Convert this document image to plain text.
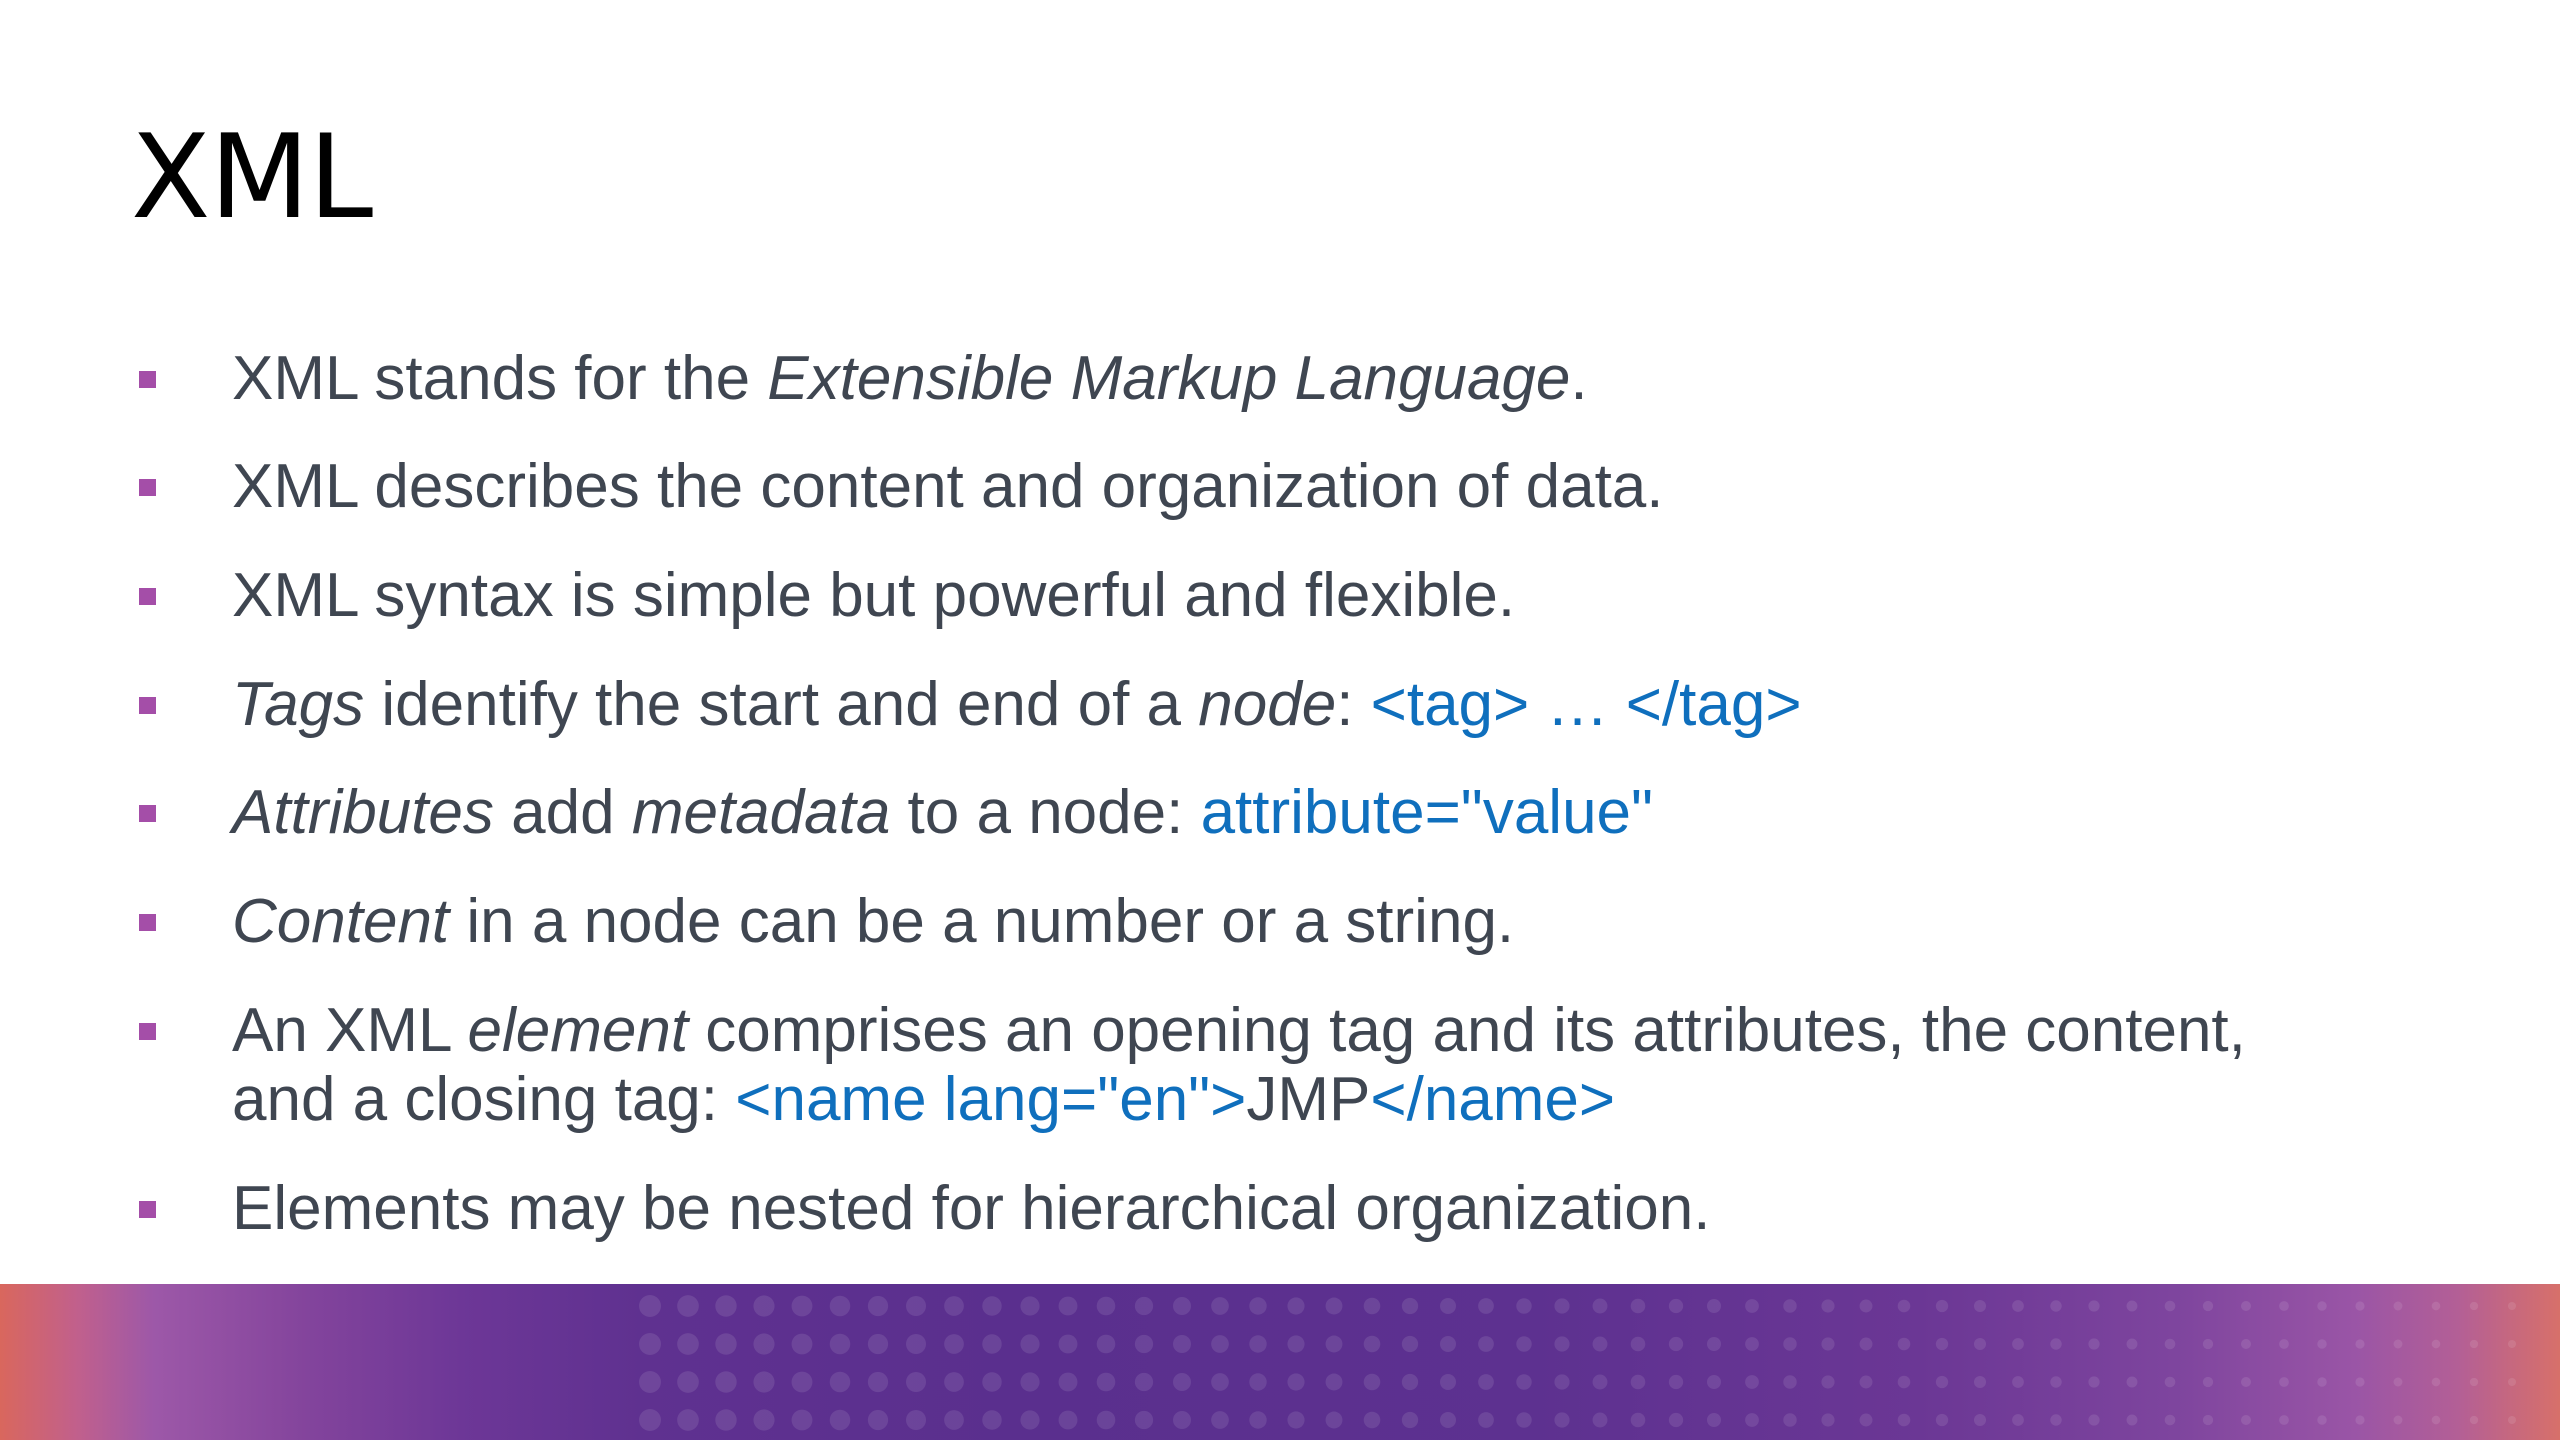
XML
XML stands for the Extensible Markup Language.
XML describes the content and organization of data.
XML syntax is simple but powerful and flexible.
Tags identify the start and end of a node: <tag> … </tag>
Attributes add metadata to a node: attribute="value"
Content in a node can be a number or a string.
An XML element comprises an opening tag and its attributes, the content,
and a closing tag: <name lang="en">JMP</name>
Elements may be nested for hierarchical organization.
